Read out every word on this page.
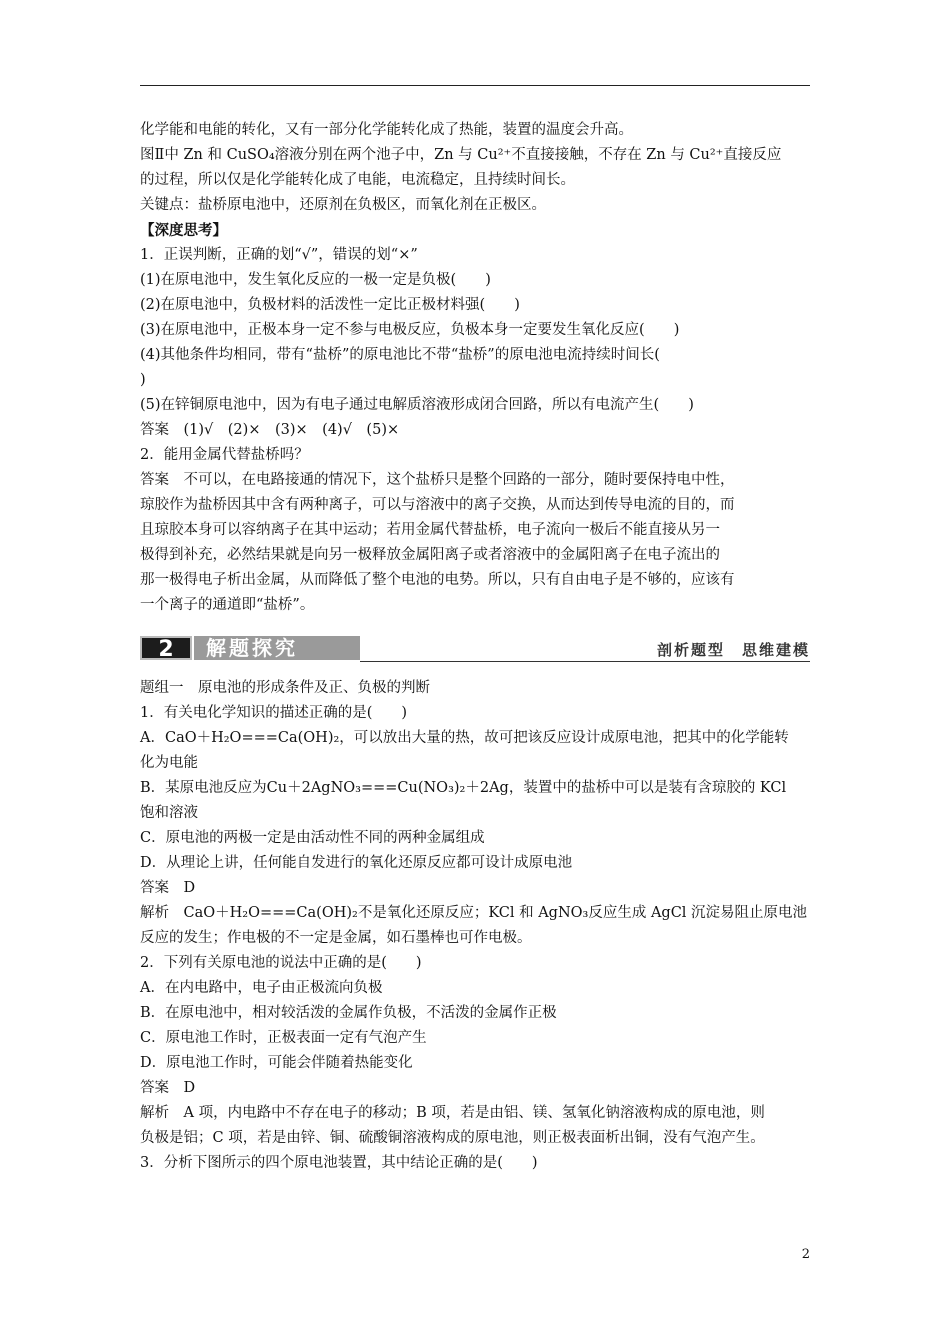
化学能和电能的转化，又有一部分化学能转化成了热能，装置的温度会升高。

图Ⅱ中 Zn 和 CuSO₄溶液分别在两个池子中，Zn 与 Cu²⁺不直接接触，不存在 Zn 与 Cu²⁺直接反应

的过程，所以仅是化学能转化成了电能，电流稳定，且持续时间长。

关键点：盐桥原电池中，还原剂在负极区，而氧化剂在正极区。

【深度思考】

1．正误判断，正确的划“√”，错误的划“×”

(1)在原电池中，发生氧化反应的一极一定是负极(　　)

(2)在原电池中，负极材料的活泼性一定比正极材料强(　　)

(3)在原电池中，正极本身一定不参与电极反应，负极本身一定要发生氧化反应(　　)

(4)其他条件均相同，带有“盐桥”的原电池比不带“盐桥”的原电池电流持续时间长(

)

(5)在锌铜原电池中，因为有电子通过电解质溶液形成闭合回路，所以有电流产生(　　)

答案　(1)√　(2)×　(3)×　(4)√　(5)×

2．能用金属代替盐桥吗？

答案　不可以，在电路接通的情况下，这个盐桥只是整个回路的一部分，随时要保持电中性，

琼胶作为盐桥因其中含有两种离子，可以与溶液中的离子交换，从而达到传导电流的目的，而

且琼胶本身可以容纳离子在其中运动；若用金属代替盐桥，电子流向一极后不能直接从另一

极得到补充，必然结果就是向另一极释放金属阳离子或者溶液中的金属阳离子在电子流出的

那一极得电子析出金属，从而降低了整个电池的电势。所以，只有自由电子是不够的，应该有

一个离子的通道即“盐桥”。

2	解题探究	剖析题型　思维建模

题组一　原电池的形成条件及正、负极的判断

1．有关电化学知识的描述正确的是(　　)

A．CaO＋H₂O===Ca(OH)₂，可以放出大量的热，故可把该反应设计成原电池，把其中的化学能转

化为电能

B．某原电池反应为Cu＋2AgNO₃===Cu(NO₃)₂＋2Ag，装置中的盐桥中可以是装有含琼胶的 KCl

饱和溶液

C．原电池的两极一定是由活动性不同的两种金属组成

D．从理论上讲，任何能自发进行的氧化还原反应都可设计成原电池

答案　D

解析　CaO＋H₂O===Ca(OH)₂不是氧化还原反应；KCl 和 AgNO₃反应生成 AgCl 沉淀易阻止原电池

反应的发生；作电极的不一定是金属，如石墨棒也可作电极。

2．下列有关原电池的说法中正确的是(　　)

A．在内电路中，电子由正极流向负极

B．在原电池中，相对较活泼的金属作负极，不活泼的金属作正极

C．原电池工作时，正极表面一定有气泡产生

D．原电池工作时，可能会伴随着热能变化

答案　D

解析　A 项，内电路中不存在电子的移动；B 项，若是由铝、镁、氢氧化钠溶液构成的原电池，则

负极是铝；C 项，若是由锌、铜、硫酸铜溶液构成的原电池，则正极表面析出铜，没有气泡产生。

3．分析下图所示的四个原电池装置，其中结论正确的是(　　)

2
